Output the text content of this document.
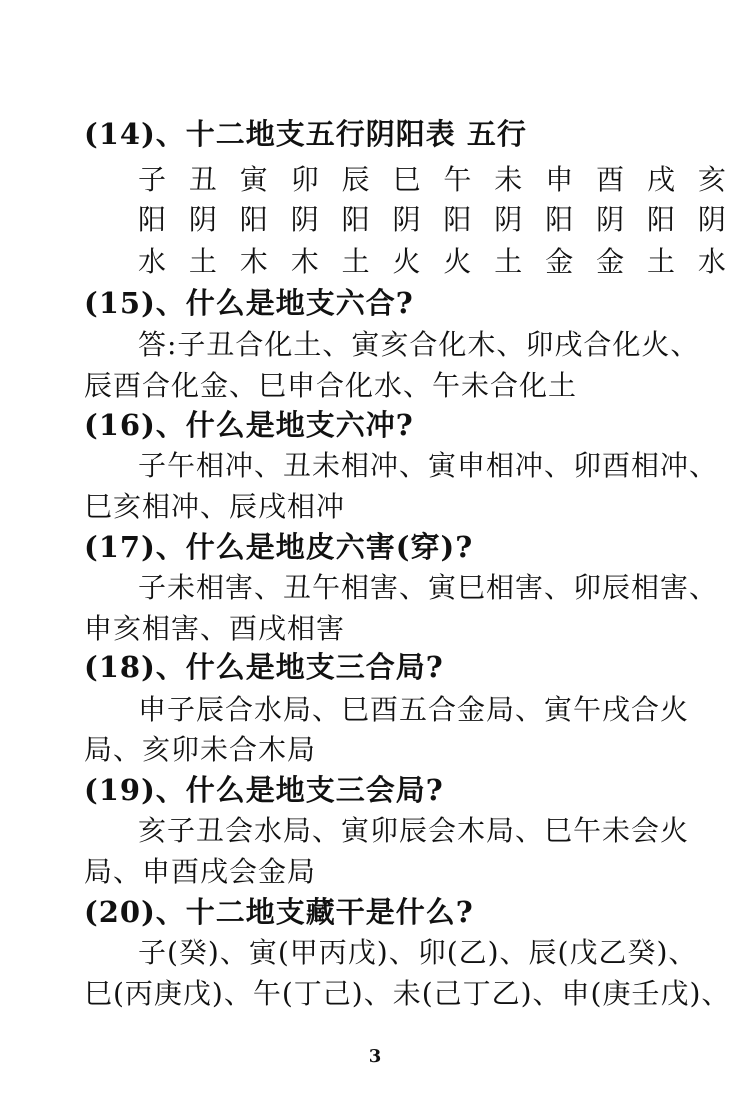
(14)、十二地支五行阴阳表 五行
子 丑 寅 卯 辰 巳 午 未 申 酉 戌 亥
阳 阴 阳 阴 阳 阴 阳 阴 阳 阴 阳 阴
水 土 木 木 土 火 火 土 金 金 土 水
(15)、什么是地支六合?
答:子丑合化土、寅亥合化木、卯戌合化火、
辰酉合化金、巳申合化水、午未合化土
(16)、什么是地支六冲?
子午相冲、丑未相冲、寅申相冲、卯酉相冲、
巳亥相冲、辰戌相冲
(17)、什么是地皮六害(穿)?
子未相害、丑午相害、寅巳相害、卯辰相害、
申亥相害、酉戌相害
(18)、什么是地支三合局?
申子辰合水局、巳酉五合金局、寅午戌合火
局、亥卯未合木局
(19)、什么是地支三会局?
亥子丑会水局、寅卯辰会木局、巳午未会火
局、申酉戌会金局
(20)、十二地支藏干是什么?
子(癸)、寅(甲丙戊)、卯(乙)、辰(戊乙癸)、
巳(丙庚戊)、午(丁己)、未(己丁乙)、申(庚壬戊)、
3
